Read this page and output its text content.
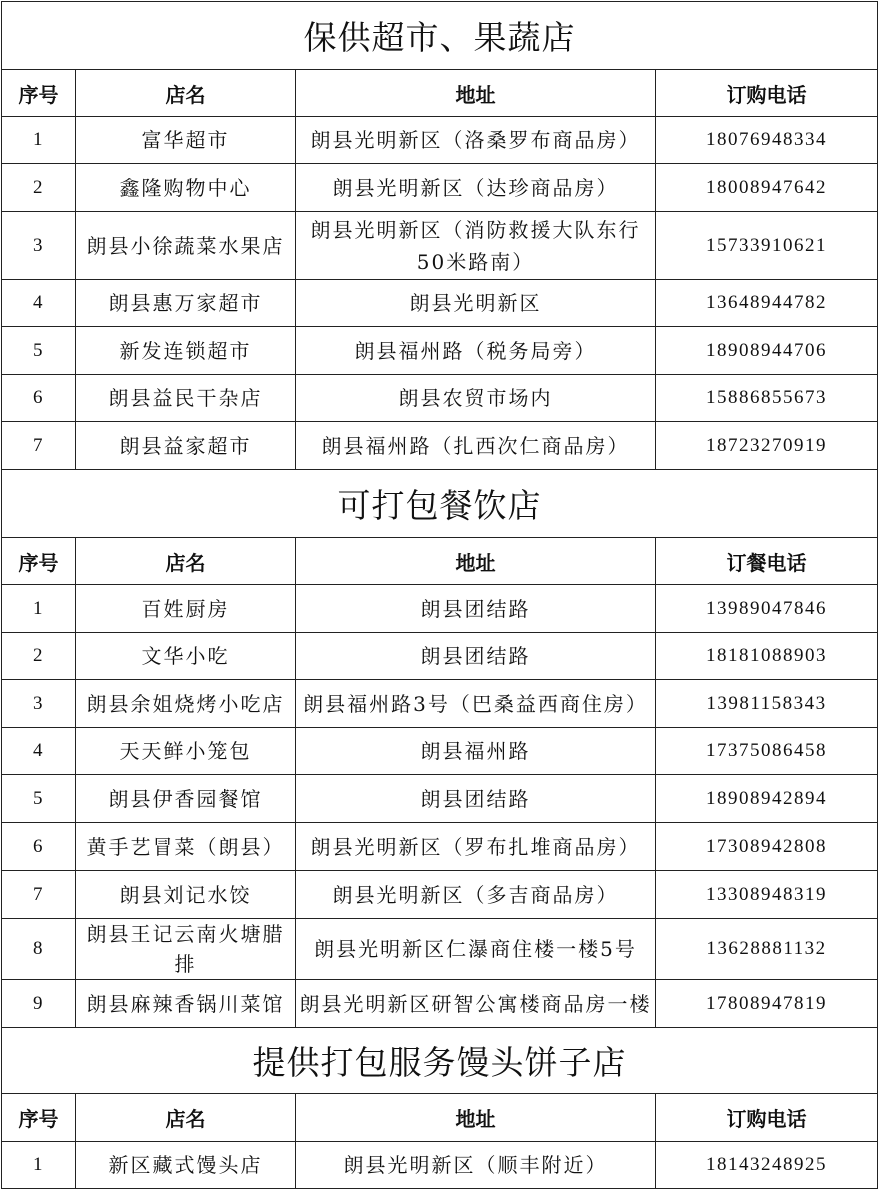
保供超市、果蔬店			
序号	店名	地址	订购电话
1	富华超市	朗县光明新区（洛桑罗布商品房）	18076948334
2	鑫隆购物中心	朗县光明新区（达珍商品房）	18008947642
3	朗县小徐蔬菜水果店	朗县光明新区（消防救援大队东行50米路南）	15733910621
4	朗县惠万家超市	朗县光明新区	13648944782
5	新发连锁超市	朗县福州路（税务局旁）	18908944706
6	朗县益民干杂店	朗县农贸市场内	15886855673
7	朗县益家超市	朗县福州路（扎西次仁商品房）	18723270919
可打包餐饮店			
序号	店名	地址	订餐电话
1	百姓厨房	朗县团结路	13989047846
2	文华小吃	朗县团结路	18181088903
3	朗县余姐烧烤小吃店	朗县福州路3号（巴桑益西商住房）	13981158343
4	天天鲜小笼包	朗县福州路	17375086458
5	朗县伊香园餐馆	朗县团结路	18908942894
6	黄手艺冒菜（朗县）	朗县光明新区（罗布扎堆商品房）	17308942808
7	朗县刘记水饺	朗县光明新区（多吉商品房）	13308948319
8	朗县王记云南火塘腊排	朗县光明新区仁瀑商住楼一楼5号	13628881132
9	朗县麻辣香锅川菜馆	朗县光明新区研智公寓楼商品房一楼	17808947819
提供打包服务馒头饼子店			
序号	店名	地址	订购电话
1	新区藏式馒头店	朗县光明新区（顺丰附近）	18143248925
